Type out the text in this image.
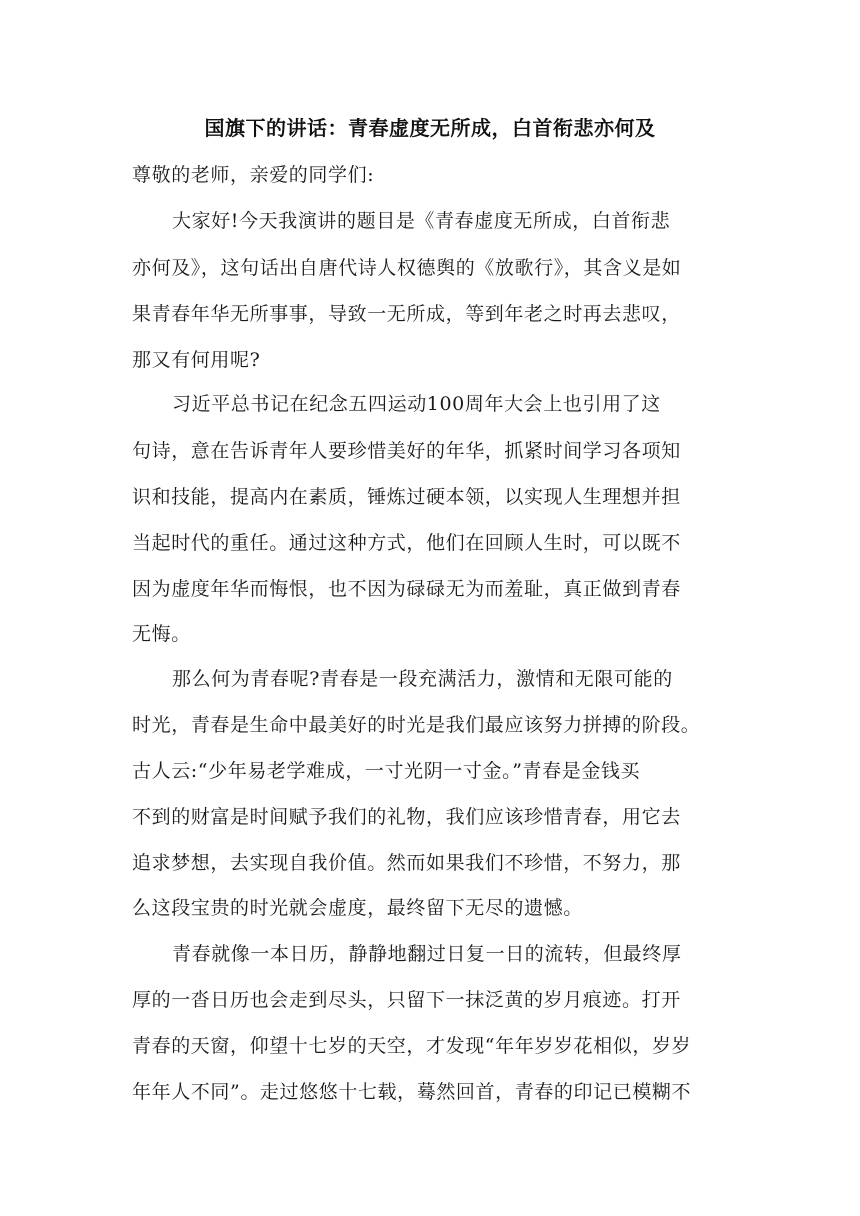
国旗下的讲话：青春虚度无所成，白首衔悲亦何及

尊敬的老师，亲爱的同学们:

大家好!今天我演讲的题目是《青春虚度无所成，白首衔悲

亦何及》，这句话出自唐代诗人权德舆的《放歌行》，其含义是如

果青春年华无所事事，导致一无所成，等到年老之时再去悲叹，

那又有何用呢?

习近平总书记在纪念五四运动100周年大会上也引用了这

句诗，意在告诉青年人要珍惜美好的年华，抓紧时间学习各项知

识和技能，提高内在素质，锤炼过硬本领，以实现人生理想并担

当起时代的重任。通过这种方式，他们在回顾人生时，可以既不

因为虚度年华而悔恨，也不因为碌碌无为而羞耻，真正做到青春

无悔。

那么何为青春呢?青春是一段充满活力，激情和无限可能的

时光，青春是生命中最美好的时光是我们最应该努力拼搏的阶段。

古人云:“少年易老学难成，一寸光阴一寸金。”青春是金钱买

不到的财富是时间赋予我们的礼物，我们应该珍惜青春，用它去

追求梦想，去实现自我价值。然而如果我们不珍惜，不努力，那

么这段宝贵的时光就会虚度，最终留下无尽的遗憾。

青春就像一本日历，静静地翻过日复一日的流转，但最终厚

厚的一沓日历也会走到尽头，只留下一抹泛黄的岁月痕迹。打开

青春的天窗，仰望十七岁的天空，才发现“年年岁岁花相似，岁岁

年年人不同”。走过悠悠十七载，蓦然回首，青春的印记已模糊不
